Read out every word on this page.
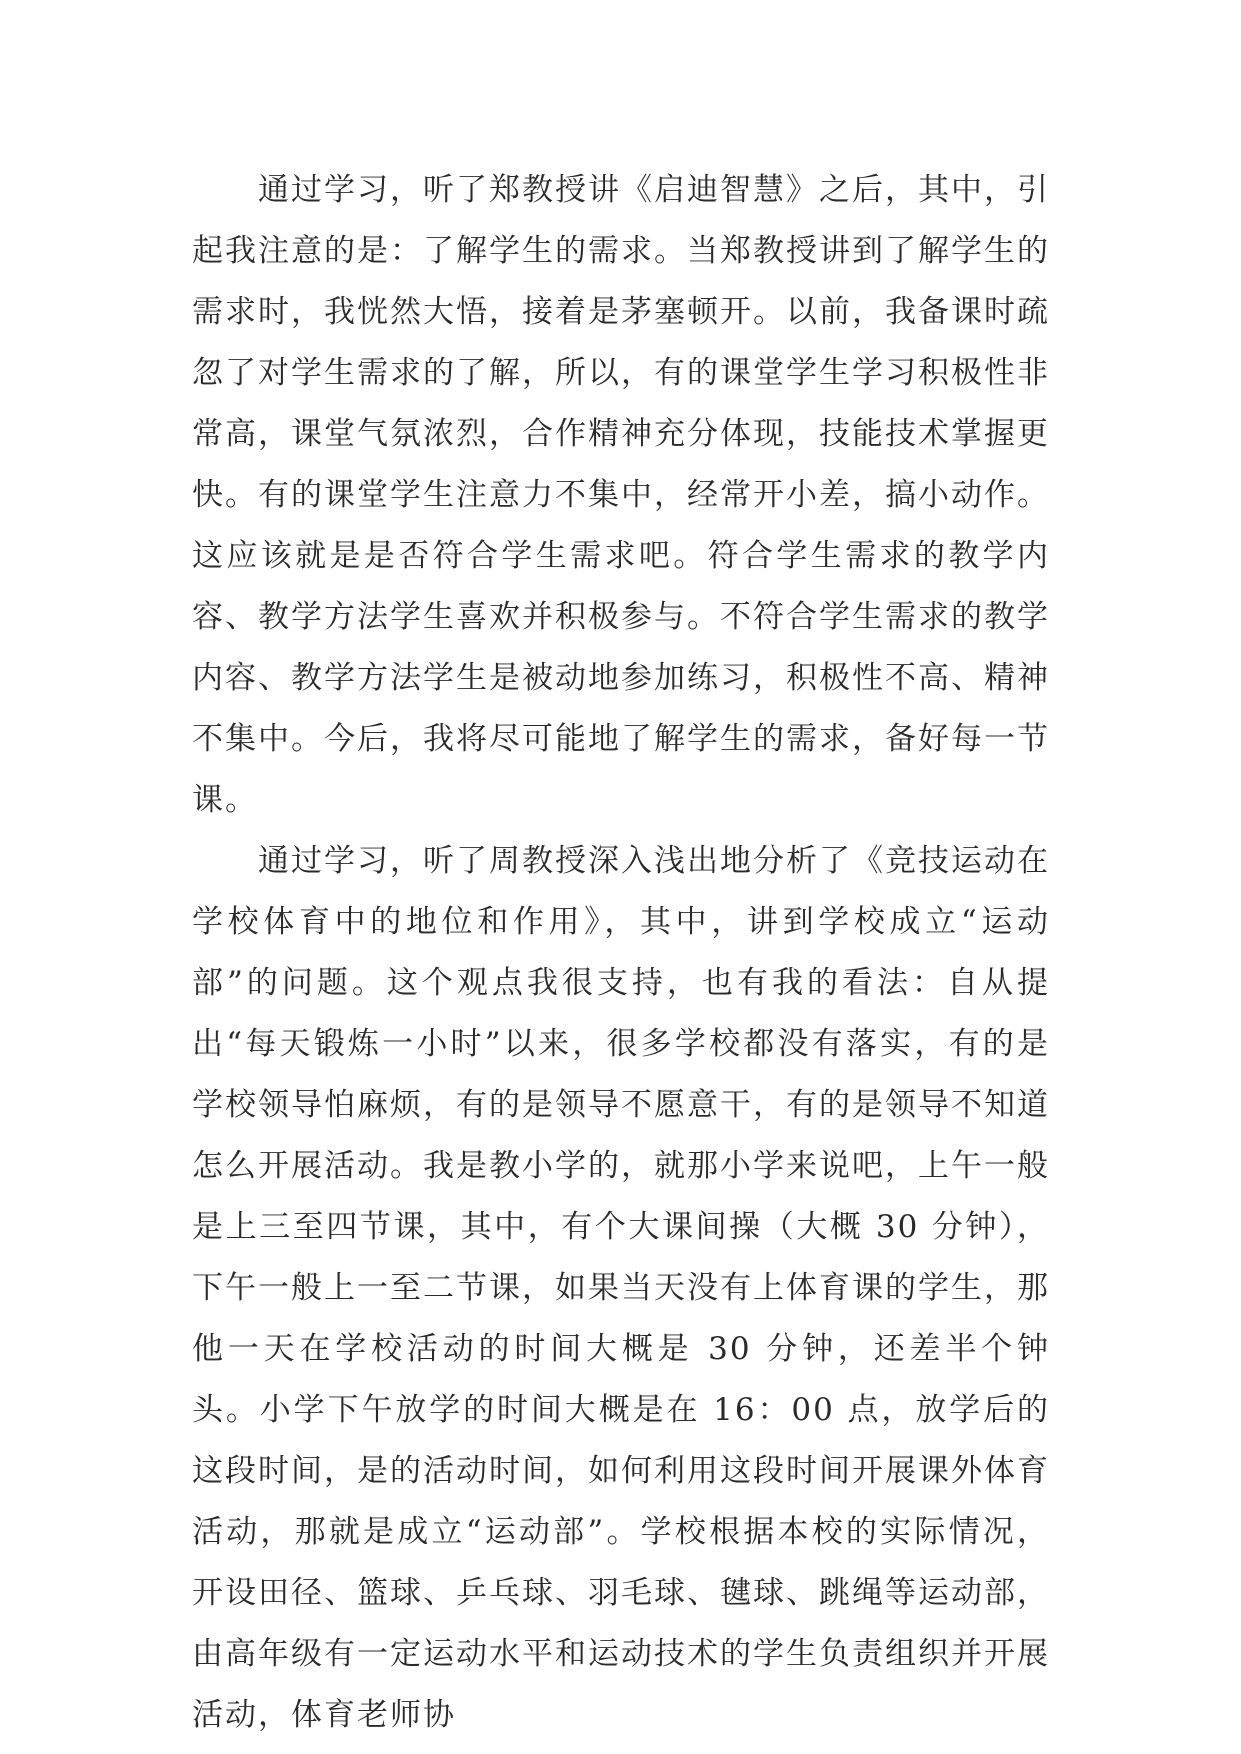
通过学习，听了郑教授讲《启迪智慧》之后，其中，引起我注意的是：了解学生的需求。当郑教授讲到了解学生的需求时，我恍然大悟，接着是茅塞顿开。以前，我备课时疏忽了对学生需求的了解，所以，有的课堂学生学习积极性非常高，课堂气氛浓烈，合作精神充分体现，技能技术掌握更快。有的课堂学生注意力不集中，经常开小差，搞小动作。这应该就是是否符合学生需求吧。符合学生需求的教学内容、教学方法学生喜欢并积极参与。不符合学生需求的教学内容、教学方法学生是被动地参加练习，积极性不高、精神不集中。今后，我将尽可能地了解学生的需求，备好每一节课。

通过学习，听了周教授深入浅出地分析了《竞技运动在学校体育中的地位和作用》，其中，讲到学校成立“运动部”的问题。这个观点我很支持，也有我的看法：自从提出“每天锻炼一小时”以来，很多学校都没有落实，有的是学校领导怕麻烦，有的是领导不愿意干，有的是领导不知道怎么开展活动。我是教小学的，就那小学来说吧，上午一般是上三至四节课，其中，有个大课间操（大概 30 分钟），下午一般上一至二节课，如果当天没有上体育课的学生，那他一天在学校活动的时间大概是 30 分钟，还差半个钟头。小学下午放学的时间大概是在 16：00 点，放学后的这段时间，是的活动时间，如何利用这段时间开展课外体育活动，那就是成立“运动部”。学校根据本校的实际情况，开设田径、篮球、乒乓球、羽毛球、毽球、跳绳等运动部，由高年级有一定运动水平和运动技术的学生负责组织并开展活动，体育老师协
